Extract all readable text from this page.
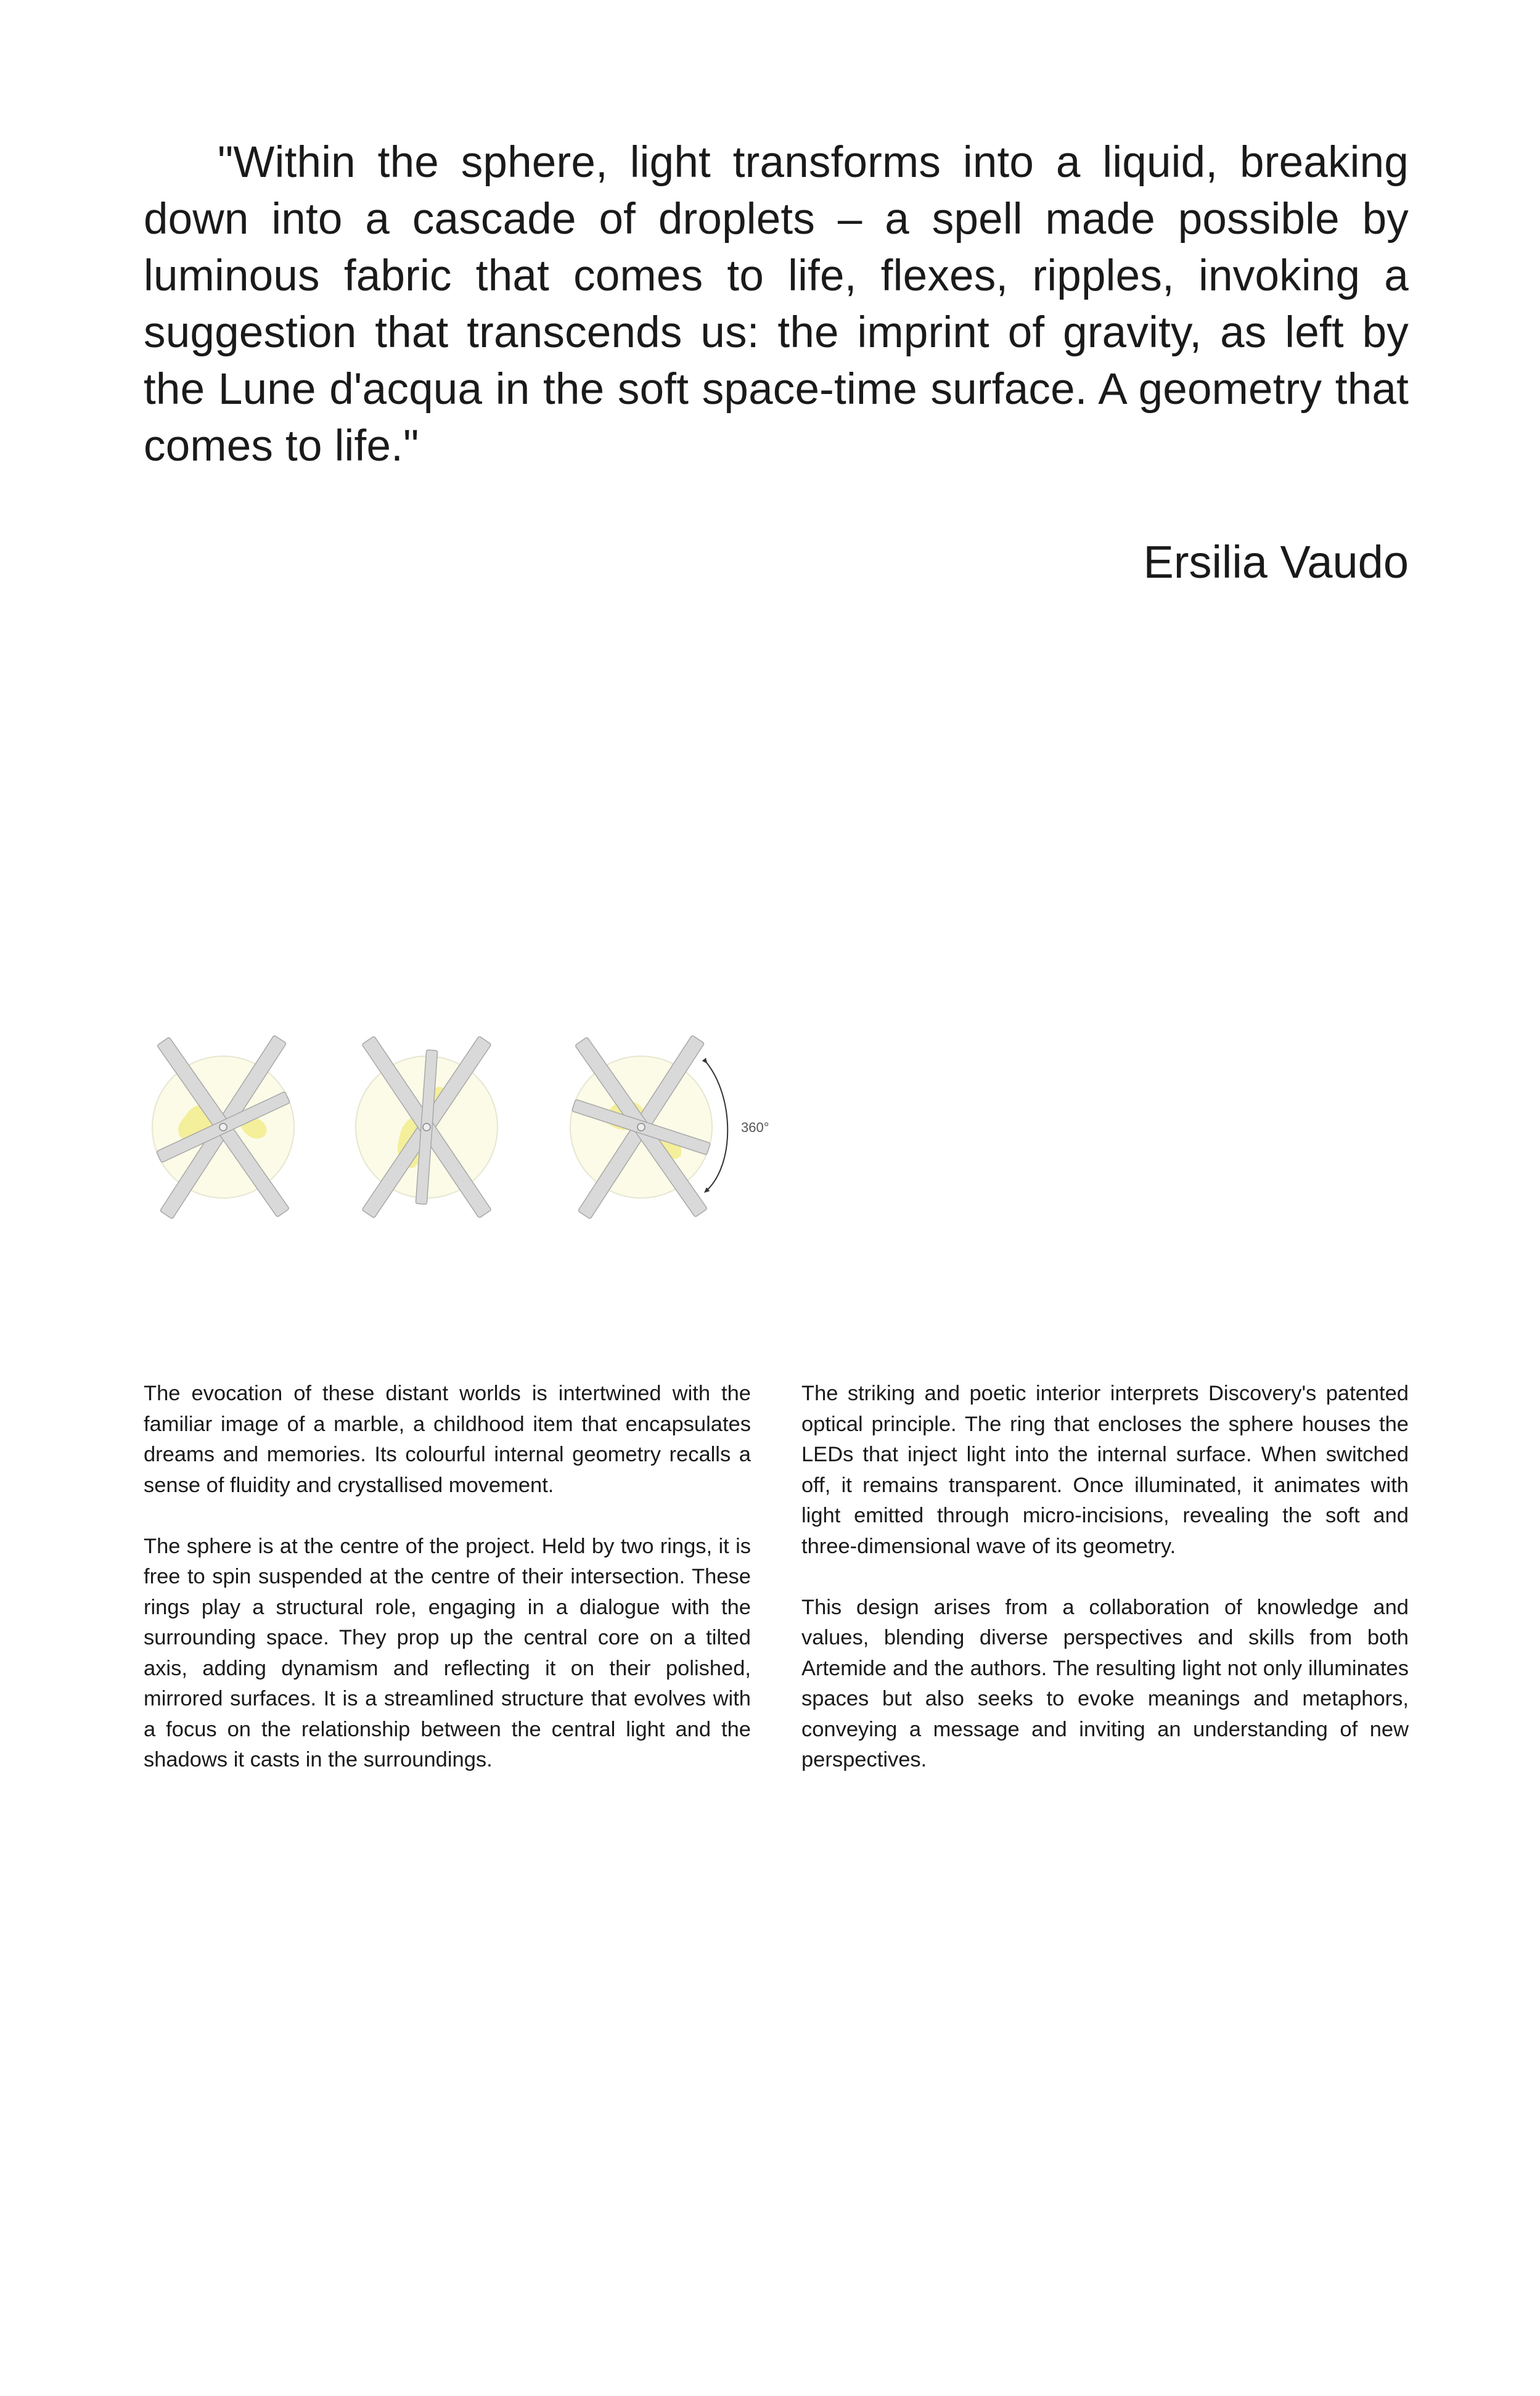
"Within the sphere, light transforms into a liquid, breaking down into a cascade of droplets – a spell made possible by luminous fabric that comes to life, flexes, ripples, invoking a suggestion that transcends us: the imprint of gravity, as left by the Lune d'acqua in the soft space-time surface. A geometry that comes to life."

Ersilia Vaudo

360°

The evocation of these distant worlds is intertwined with the familiar image of a marble, a childhood item that encapsulates dreams and memories. Its colourful internal geometry recalls a sense of fluidity and crystallised movement.

The sphere is at the centre of the project. Held by two rings, it is free to spin suspended at the centre of their intersection. These rings play a structural role, engaging in a dialogue with the surrounding space. They prop up the central core on a tilted axis, adding dynamism and reflecting it on their polished, mirrored surfaces. It is a streamlined structure that evolves with a focus on the relationship between the central light and the shadows it casts in the surroundings.

The striking and poetic interior interprets Discovery's patented optical principle. The ring that encloses the sphere houses the LEDs that inject light into the internal surface. When switched off, it remains transparent. Once illuminated, it animates with light emitted through micro-incisions, revealing the soft and three-dimensional wave of its geometry.

This design arises from a collaboration of knowledge and values, blending diverse perspectives and skills from both Artemide and the authors. The resulting light not only illuminates spaces but also seeks to evoke meanings and metaphors, conveying a message and inviting an understanding of new perspectives.
